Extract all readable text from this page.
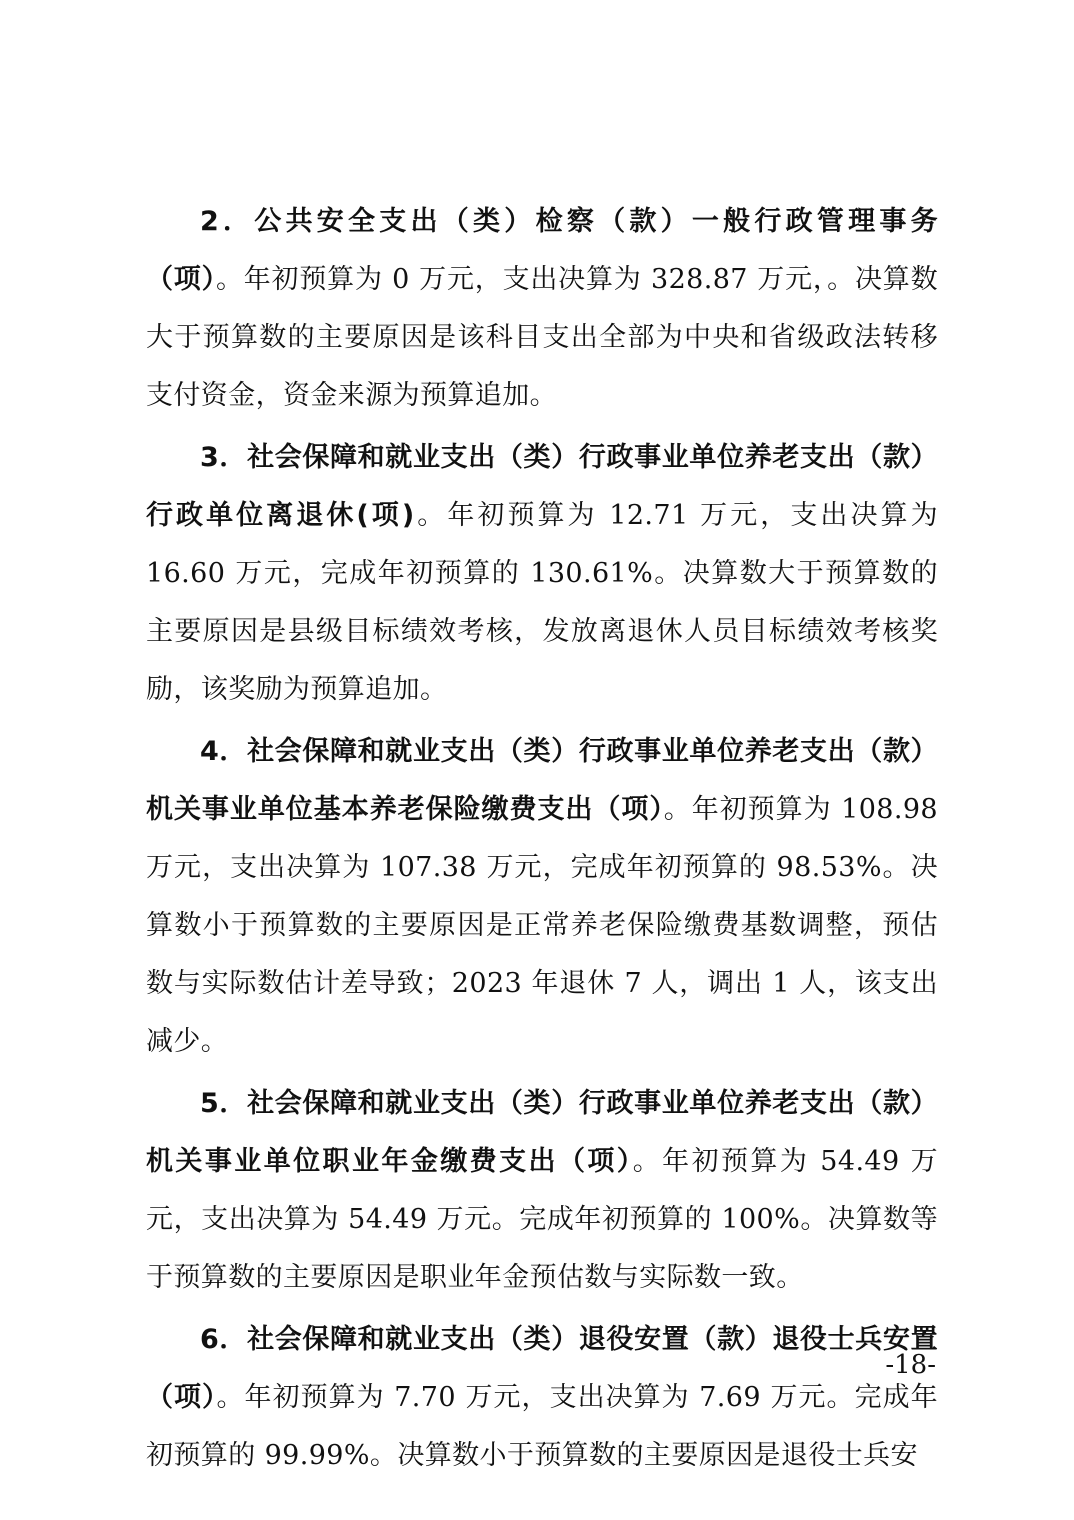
2．公共安全支出（类）检察（款）一般行政管理事务（项）。年初预算为 0 万元，支出决算为 328.87 万元，。决算数大于预算数的主要原因是该科目支出全部为中央和省级政法转移支付资金，资金来源为预算追加。

3．社会保障和就业支出（类）行政事业单位养老支出（款）行政单位离退休(项)。年初预算为 12.71 万元，支出决算为 16.60 万元，完成年初预算的 130.61%。决算数大于预算数的主要原因是县级目标绩效考核，发放离退休人员目标绩效考核奖励，该奖励为预算追加。

4．社会保障和就业支出（类）行政事业单位养老支出（款）机关事业单位基本养老保险缴费支出（项）。年初预算为 108.98 万元，支出决算为 107.38 万元，完成年初预算的 98.53%。决算数小于预算数的主要原因是正常养老保险缴费基数调整，预估数与实际数估计差导致；2023 年退休 7 人，调出 1 人，该支出减少。

5．社会保障和就业支出（类）行政事业单位养老支出（款）机关事业单位职业年金缴费支出（项）。年初预算为 54.49 万元，支出决算为 54.49 万元。完成年初预算的 100%。决算数等于预算数的主要原因是职业年金预估数与实际数一致。

6．社会保障和就业支出（类）退役安置（款）退役士兵安置（项）。年初预算为 7.70 万元，支出决算为 7.69 万元。完成年初预算的 99.99%。决算数小于预算数的主要原因是退役士兵安

-18-
